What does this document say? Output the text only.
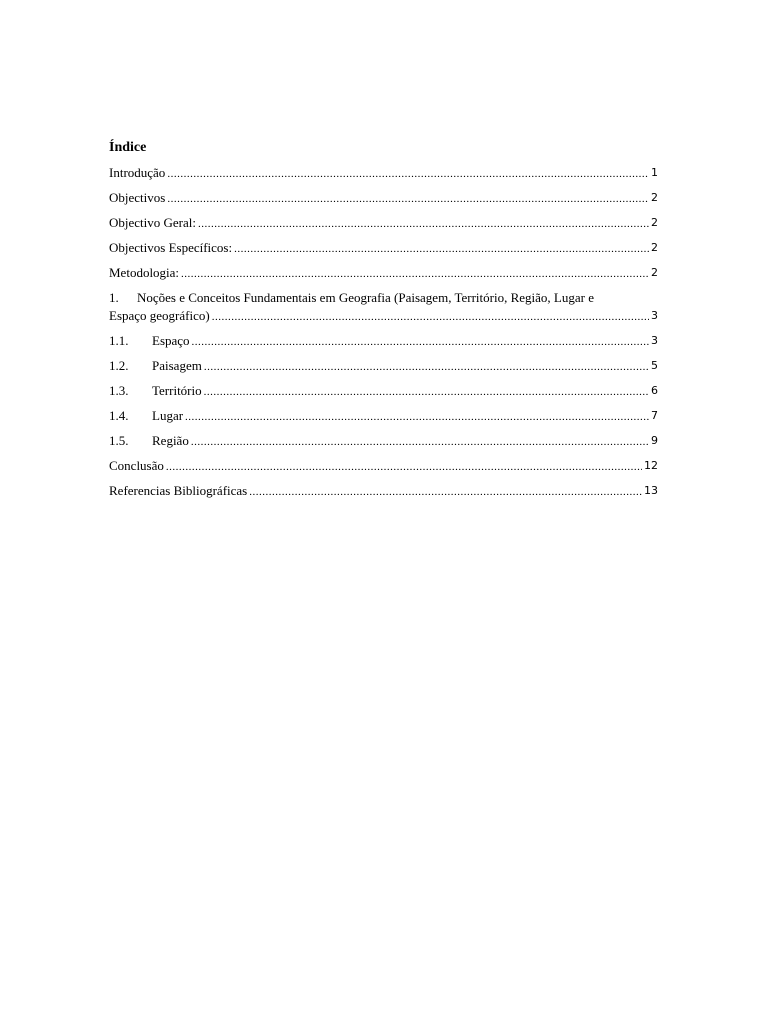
Índice
Introdução .....	1
Objectivos .....	2
Objectivo Geral: .....	2
Objectivos Específicos: .....	2
Metodologia: .....	2
1. Noções e Conceitos Fundamentais em Geografia (Paisagem, Território, Região, Lugar e
Espaço geográfico) .....	3
1.1.	Espaço .....	3
1.2.	Paisagem .....	5
1.3.	Território .....	6
1.4.	Lugar .....	7
1.5.	Região .....	9
Conclusão .....	12
Referencias Bibliográficas .....	13
